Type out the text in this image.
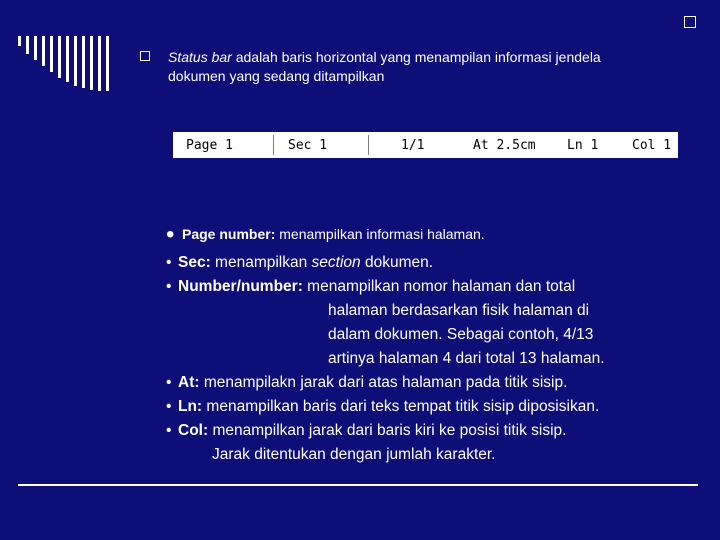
Status bar adalah baris horizontal yang menampilan informasi jendela
dokumen yang sedang ditampilkan
Page 1	Sec 1	1/1	At 2.5cm Ln 1	Col 1
• Page number: menampilkan informasi halaman.
• Sec: menampilkan section dokumen.
• Number/number: menampilkan nomor halaman dan total
halaman berdasarkan fisik halaman di
dalam dokumen. Sebagai contoh, 4/13
artinya halaman 4 dari total 13 halaman.
• At: menampilakn jarak dari atas halaman pada titik sisip.
• Ln: menampilkan baris dari teks tempat titik sisip diposisikan.
• Col: menampilkan jarak dari baris kiri ke posisi titik sisip.
Jarak ditentukan dengan jumlah karakter.
